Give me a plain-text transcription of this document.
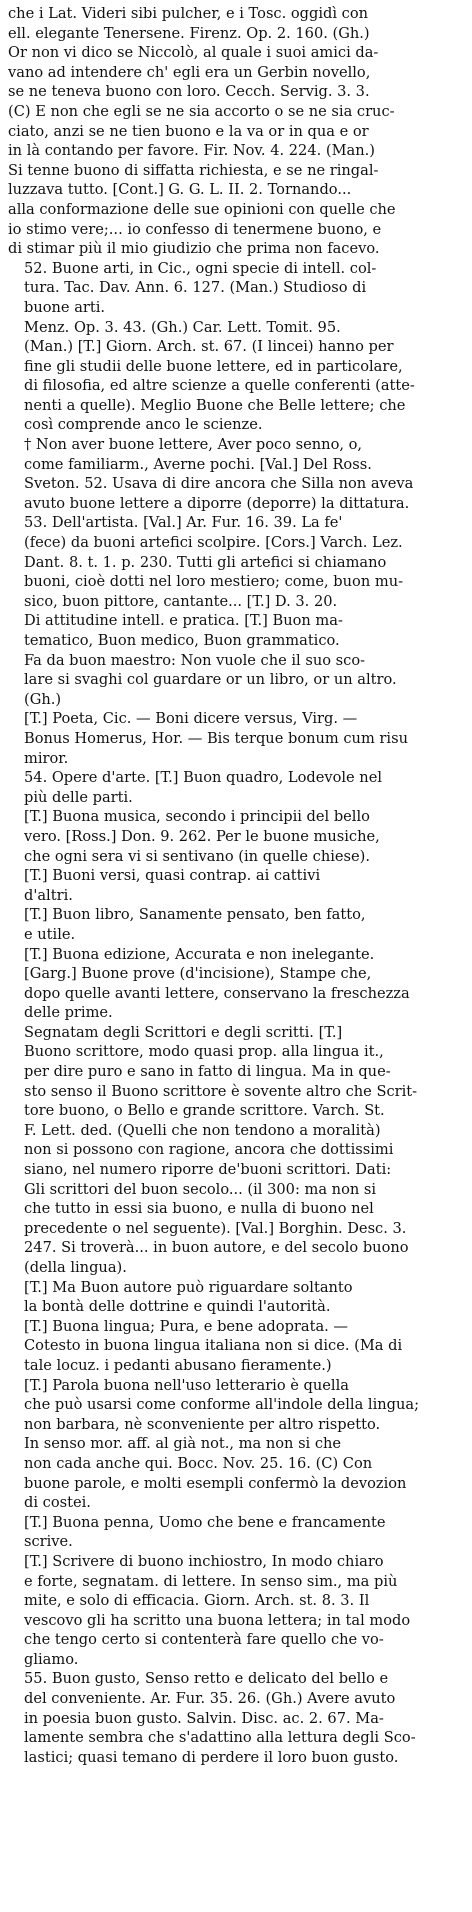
che i Lat. Videri sibi pulcher, e i Tosc. oggidì con
ell. elegante Tenersene. Firenz. Op. 2. 160. (Gh.)
Or non vi dico se Niccolò, al quale i suoi amici da-
vano ad intendere ch' egli era un Gerbin novello,
se ne teneva buono con loro. Cecch. Servig. 3. 3.
(C) E non che egli se ne sia accorto o se ne sia cruc-
ciato, anzi se ne tien buono e la va or in qua e or
in là contando per favore. Fir. Nov. 4. 224. (Man.)
Si tenne buono di siffatta richiesta, e se ne ringal-
luzzava tutto. [Cont.] G. G. L. II. 2. Tornando...
alla conformazione delle sue opinioni con quelle che
io stimo vere;... io confesso di tenermene buono, e
di stimar più il mio giudizio che prima non facevo.
52. Buone arti, in Cic., ogni specie di intell. col-
tura. Tac. Dav. Ann. 6. 127. (Man.) Studioso di
buone arti.
Menz. Op. 3. 43. (Gh.) Car. Lett. Tomit. 95.
(Man.) [T.] Giorn. Arch. st. 67. (I lincei) hanno per
fine gli studii delle buone lettere, ed in particolare,
di filosofia, ed altre scienze a quelle conferenti (atte-
nenti a quelle). Meglio Buone che Belle lettere; che
così comprende anco le scienze.
† Non aver buone lettere, Aver poco senno, o,
come familiarm., Averne pochi. [Val.] Del Ross.
Sveton. 52. Usava di dire ancora che Silla non aveva
avuto buone lettere a diporre (deporre) la dittatura.
53. Dell'artista. [Val.] Ar. Fur. 16. 39. La fe'
(fece) da buoni artefici scolpire. [Cors.] Varch. Lez.
Dant. 8. t. 1. p. 230. Tutti gli artefici si chiamano
buoni, cioè dotti nel loro mestiero; come, buon mu-
sico, buon pittore, cantante... [T.] D. 3. 20.
Di attitudine intell. e pratica. [T.] Buon ma-
tematico, Buon medico, Buon grammatico.
Fa da buon maestro: Non vuole che il suo sco-
lare si svaghi col guardare or un libro, or un altro.
(Gh.)
[T.] Poeta, Cic. — Boni dicere versus, Virg. —
Bonus Homerus, Hor. — Bis terque bonum cum risu
miror.
54. Opere d'arte. [T.] Buon quadro, Lodevole nel
più delle parti.
[T.] Buona musica, secondo i principii del bello
vero. [Ross.] Don. 9. 262. Per le buone musiche,
che ogni sera vi si sentivano (in quelle chiese).
[T.] Buoni versi, quasi contrap. ai cattivi
d'altri.
[T.] Buon libro, Sanamente pensato, ben fatto,
e utile.
[T.] Buona edizione, Accurata e non inelegante.
[Garg.] Buone prove (d'incisione), Stampe che,
dopo quelle avanti lettere, conservano la freschezza
delle prime.
Segnatam degli Scrittori e degli scritti. [T.]
Buono scrittore, modo quasi prop. alla lingua it.,
per dire puro e sano in fatto di lingua. Ma in que-
sto senso il Buono scrittore è sovente altro che Scrit-
tore buono, o Bello e grande scrittore. Varch. St.
F. Lett. ded. (Quelli che non tendono a moralità)
non si possono con ragione, ancora che dottissimi
siano, nel numero riporre de'buoni scrittori. Dati:
Gli scrittori del buon secolo... (il 300: ma non si
che tutto in essi sia buono, e nulla di buono nel
precedente o nel seguente). [Val.] Borghin. Desc. 3.
247. Si troverà... in buon autore, e del secolo buono
(della lingua).
[T.] Ma Buon autore può riguardare soltanto
la bontà delle dottrine e quindi l'autorità.
[T.] Buona lingua; Pura, e bene adoprata. —
Cotesto in buona lingua italiana non si dice. (Ma di
tale locuz. i pedanti abusano fieramente.)
[T.] Parola buona nell'uso letterario è quella
che può usarsi come conforme all'indole della lingua;
non barbara, nè sconveniente per altro rispetto.
In senso mor. aff. al già not., ma non si che
non cada anche qui. Bocc. Nov. 25. 16. (C) Con
buone parole, e molti esempli confermò la devozion
di costei.
[T.] Buona penna, Uomo che bene e francamente
scrive.
[T.] Scrivere di buono inchiostro, In modo chiaro
e forte, segnatam. di lettere. In senso sim., ma più
mite, e solo di efficacia. Giorn. Arch. st. 8. 3. Il
vescovo gli ha scritto una buona lettera; in tal modo
che tengo certo si contenterà fare quello che vo-
gliamo.
55. Buon gusto, Senso retto e delicato del bello e
del conveniente. Ar. Fur. 35. 26. (Gh.) Avere avuto
in poesia buon gusto. Salvin. Disc. ac. 2. 67. Ma-
lamente sembra che s'adattino alla lettura degli Sco-
lastici; quasi temano di perdere il loro buon gusto.
